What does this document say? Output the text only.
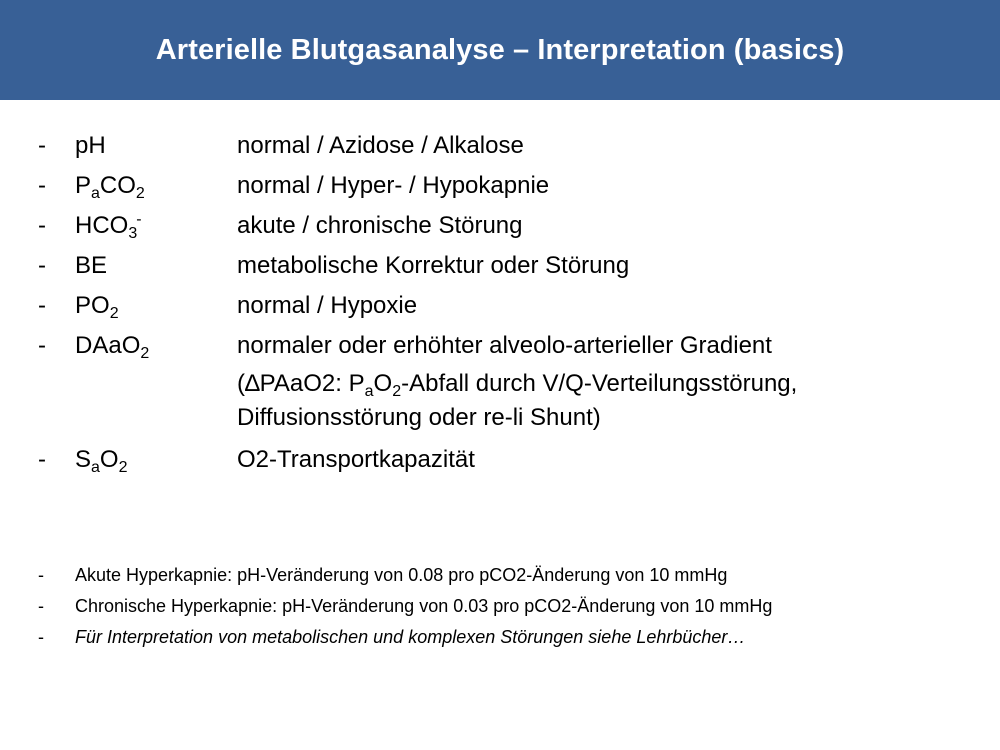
Arterielle Blutgasanalyse – Interpretation (basics)
- pH	normal / Azidose / Alkalose
- $P_aCO_2$	normal / Hyper- / Hypokapnie
- $HCO_3^-$	akute / chronische Störung
- BE	metabolische Korrektur oder Störung
- $PO_2$	normal / Hypoxie
- DAaO$_2$	normaler oder erhöhter alveolo-arterieller Gradient
(∆PAaO2: $P_aO_2$-Abfall durch V/Q-Verteilungsstörung,
Diffusionsstörung oder re-li Shunt)
- $S_aO_2$	O2-Transportkapazität
- Akute Hyperkapnie: pH-Veränderung von 0.08 pro pCO2-Änderung von 10 mmHg
- Chronische Hyperkapnie: pH-Veränderung von 0.03 pro pCO2-Änderung von 10 mmHg
- Für Interpretation von metabolischen und komplexen Störungen siehe Lehrbücher…
